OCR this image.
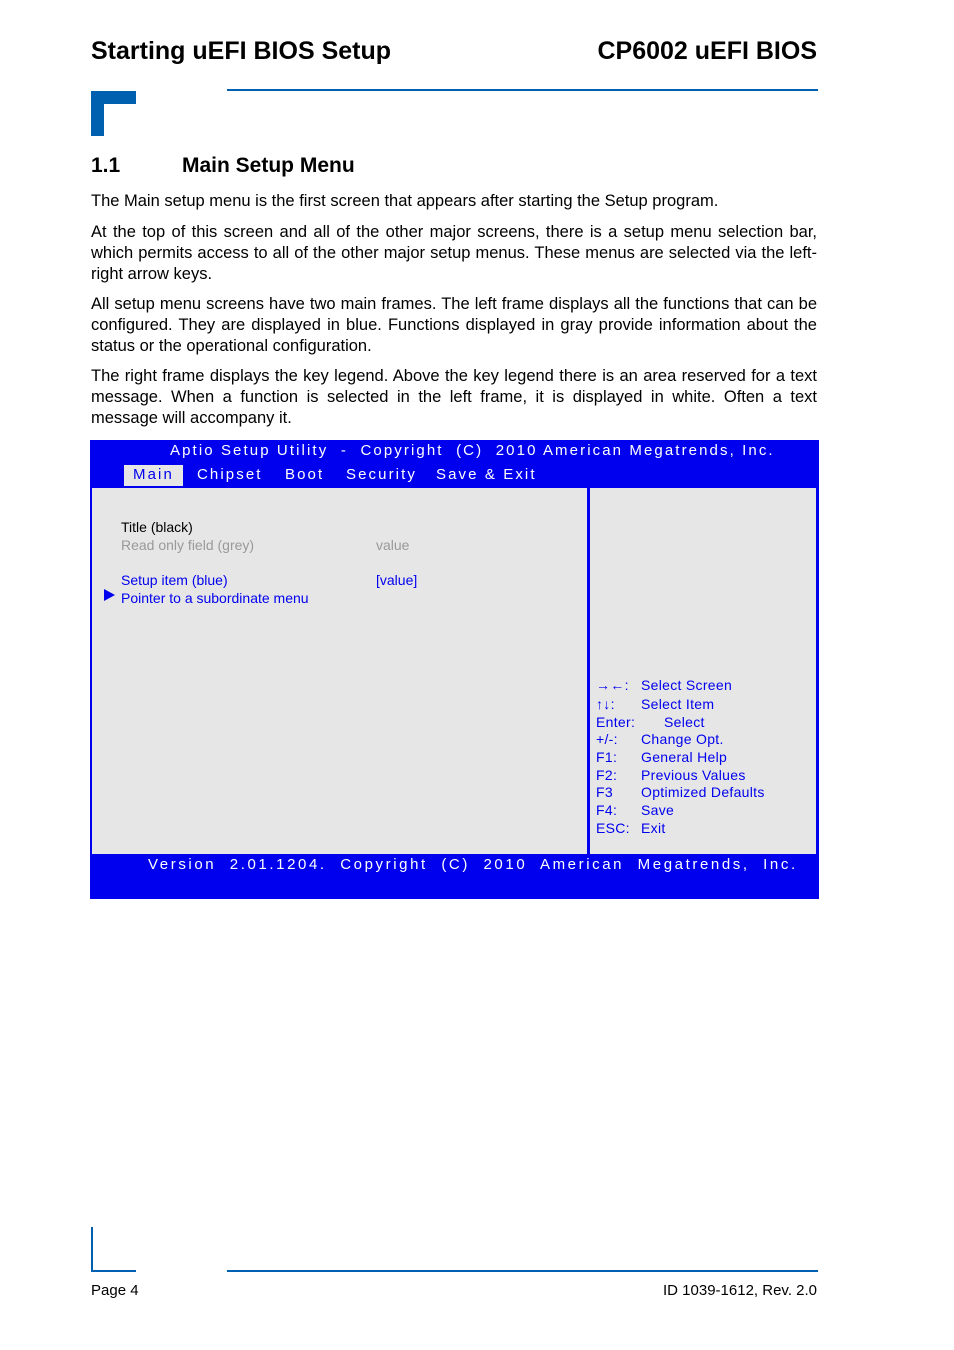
Starting uEFI BIOS Setup	CP6002 uEFI BIOS
1.1	Main Setup Menu

The Main setup menu is the first screen that appears after starting the Setup program.

At the top of this screen and all of the other major screens, there is a setup menu selection bar, which permits access to all of the other major setup menus. These menus are selected via the left-right arrow keys.

All setup menu screens have two main frames. The left frame displays all the functions that can be configured. They are displayed in blue. Functions displayed in gray provide information about the status or the operational configuration.

The right frame displays the key legend. Above the key legend there is an area reserved for a text message. When a function is selected in the left frame, it is displayed in white. Often a text message will accompany it.

Aptio Setup Utility  -  Copyright  (C)  2010 American Megatrends, Inc.
Main	Chipset Boot Security Save & Exit
Title (black)
Read only field (grey)	value
Setup item (blue)	[value]
Pointer to a subordinate menu
→←: Select Screen
↑↓: Select Item
Enter: Select
+/-: Change Opt.
F1: General Help
F2: Previous Values
F3 Optimized Defaults
F4: Save
ESC: Exit
Version  2.01.1204.  Copyright  (C)  2010  American  Megatrends,  Inc.
Page 4	ID 1039-1612, Rev. 2.0
